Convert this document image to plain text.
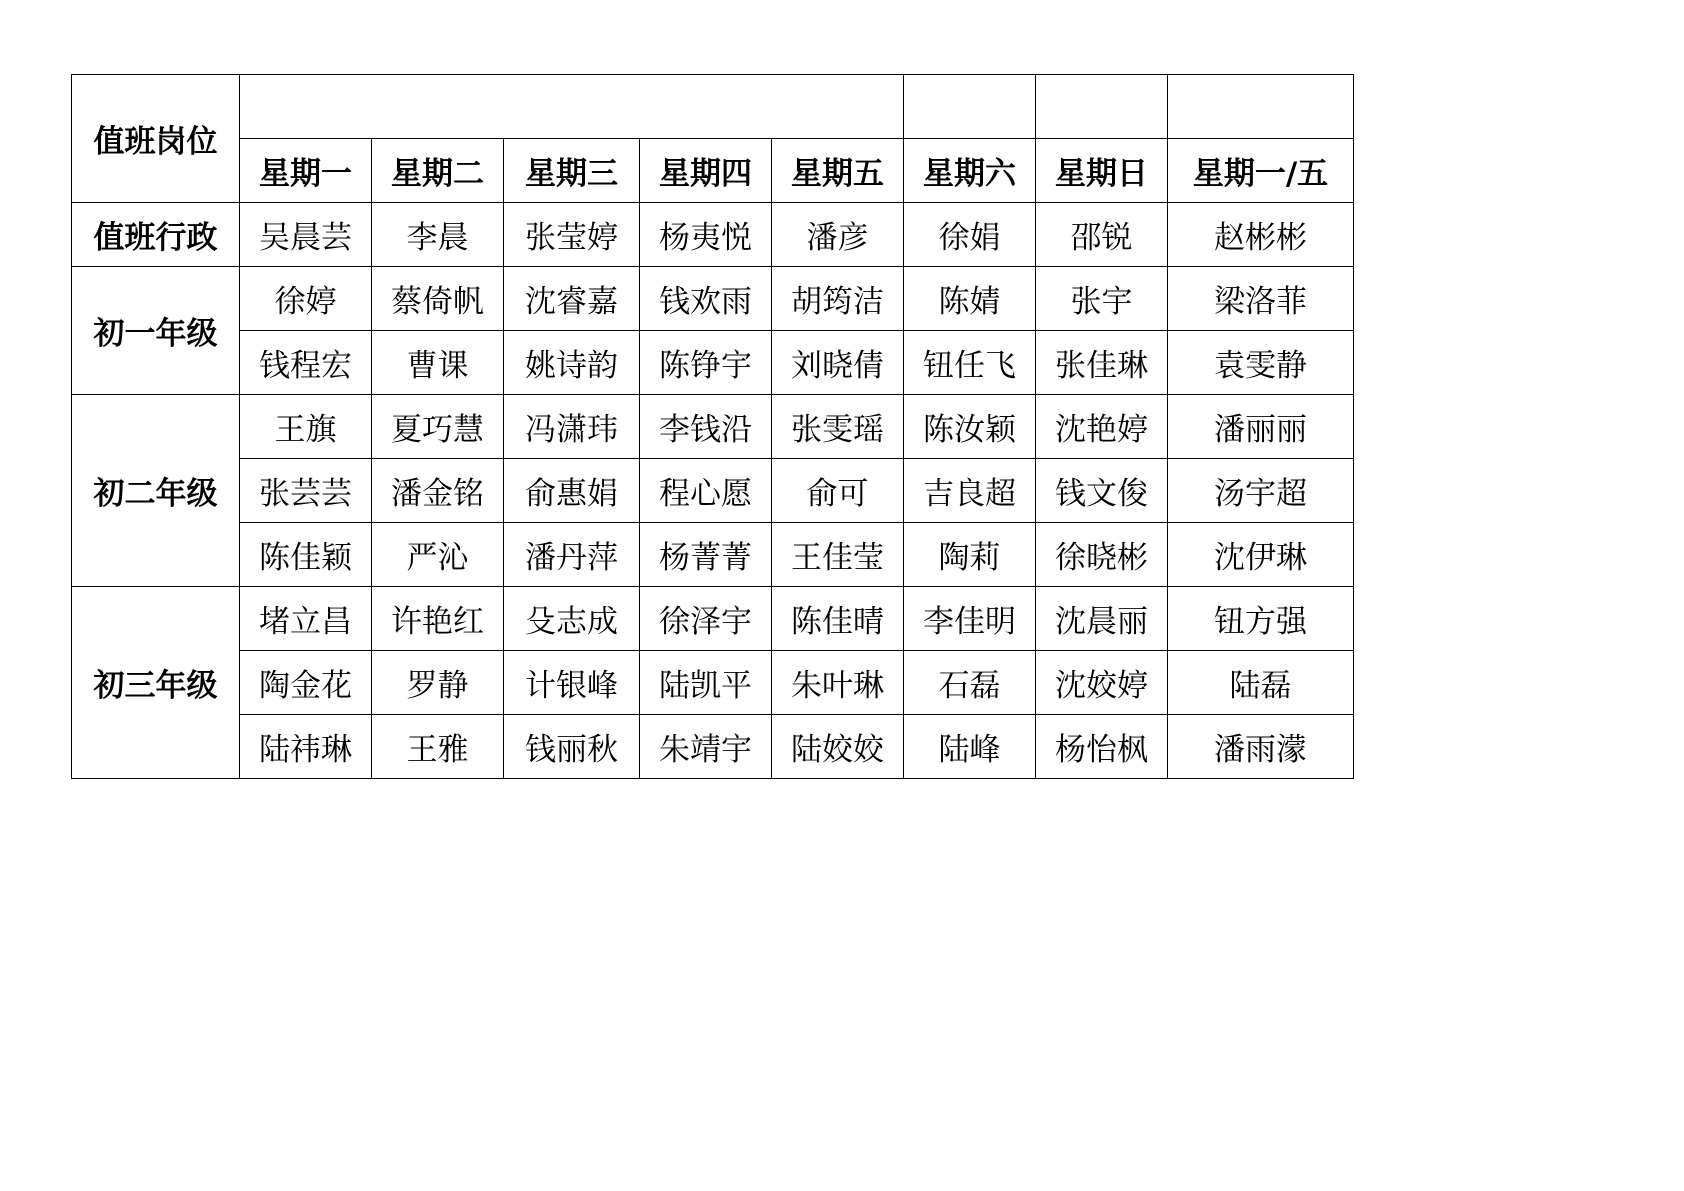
值班岗位								
	星期一	星期二	星期三	星期四	星期五	星期六	星期日	星期一/五
值班行政	吴晨芸	李晨	张莹婷	杨夷悦	潘彦	徐娟	邵锐	赵彬彬
初一年级	徐婷	蔡倚帆	沈睿嘉	钱欢雨	胡筠洁	陈婧	张宇	梁洛菲
	钱程宏	曹课	姚诗韵	陈铮宇	刘晓倩	钮任飞	张佳琳	袁雯静
初二年级	王旗	夏巧慧	冯潇玮	李钱沿	张雯瑶	陈汝颖	沈艳婷	潘丽丽
	张芸芸	潘金铭	俞惠娟	程心愿	俞可	吉良超	钱文俊	汤宇超
	陈佳颖	严沁	潘丹萍	杨菁菁	王佳莹	陶莉	徐晓彬	沈伊琳
初三年级	堵立昌	许艳红	殳志成	徐泽宇	陈佳晴	李佳明	沈晨丽	钮方强
	陶金花	罗静	计银峰	陆凯平	朱叶琳	石磊	沈姣婷	陆磊
	陆祎琳	王雅	钱丽秋	朱靖宇	陆姣姣	陆峰	杨怡枫	潘雨濛
